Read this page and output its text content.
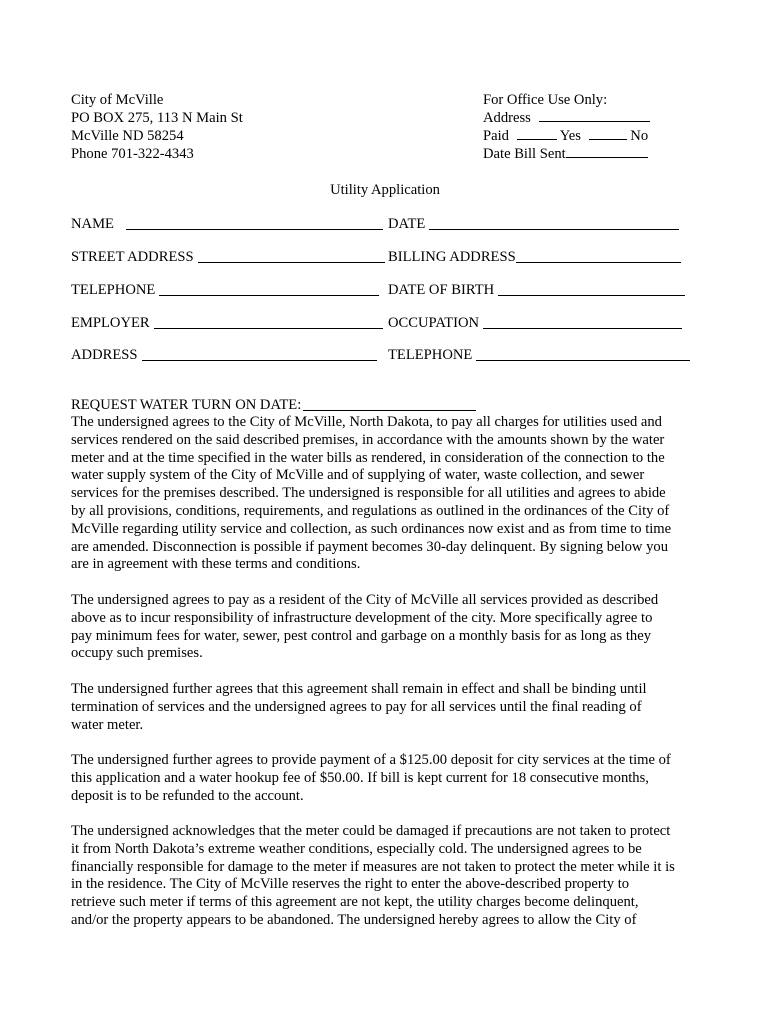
City of McVille
PO BOX 275, 113 N Main St
McVille ND 58254
Phone 701-322-4343
For Office Use Only:
Address
Paid	Yes	No
Date Bill Sent
Utility Application
NAME	DATE
STREET ADDRESS	BILLING ADDRESS
TELEPHONE	DATE OF BIRTH
EMPLOYER	OCCUPATION
ADDRESS	TELEPHONE
REQUEST WATER TURN ON DATE:
The undersigned agrees to the City of McVille, North Dakota, to pay all charges for utilities used and
services rendered on the said described premises, in accordance with the amounts shown by the water
meter and at the time specified in the water bills as rendered, in consideration of the connection to the
water supply system of the City of McVille and of supplying of water, waste collection, and sewer
services for the premises described. The undersigned is responsible for all utilities and agrees to abide
by all provisions, conditions, requirements, and regulations as outlined in the ordinances of the City of
McVille regarding utility service and collection, as such ordinances now exist and as from time to time
are amended. Disconnection is possible if payment becomes 30-day delinquent. By signing below you
are in agreement with these terms and conditions.
The undersigned agrees to pay as a resident of the City of McVille all services provided as described
above as to incur responsibility of infrastructure development of the city. More specifically agree to
pay minimum fees for water, sewer, pest control and garbage on a monthly basis for as long as they
occupy such premises.
The undersigned further agrees that this agreement shall remain in effect and shall be binding until
termination of services and the undersigned agrees to pay for all services until the final reading of
water meter.
The undersigned further agrees to provide payment of a $125.00 deposit for city services at the time of
this application and a water hookup fee of $50.00. If bill is kept current for 18 consecutive months,
deposit is to be refunded to the account.
The undersigned acknowledges that the meter could be damaged if precautions are not taken to protect
it from North Dakota’s extreme weather conditions, especially cold. The undersigned agrees to be
financially responsible for damage to the meter if measures are not taken to protect the meter while it is
in the residence. The City of McVille reserves the right to enter the above-described property to
retrieve such meter if terms of this agreement are not kept, the utility charges become delinquent,
and/or the property appears to be abandoned. The undersigned hereby agrees to allow the City of
